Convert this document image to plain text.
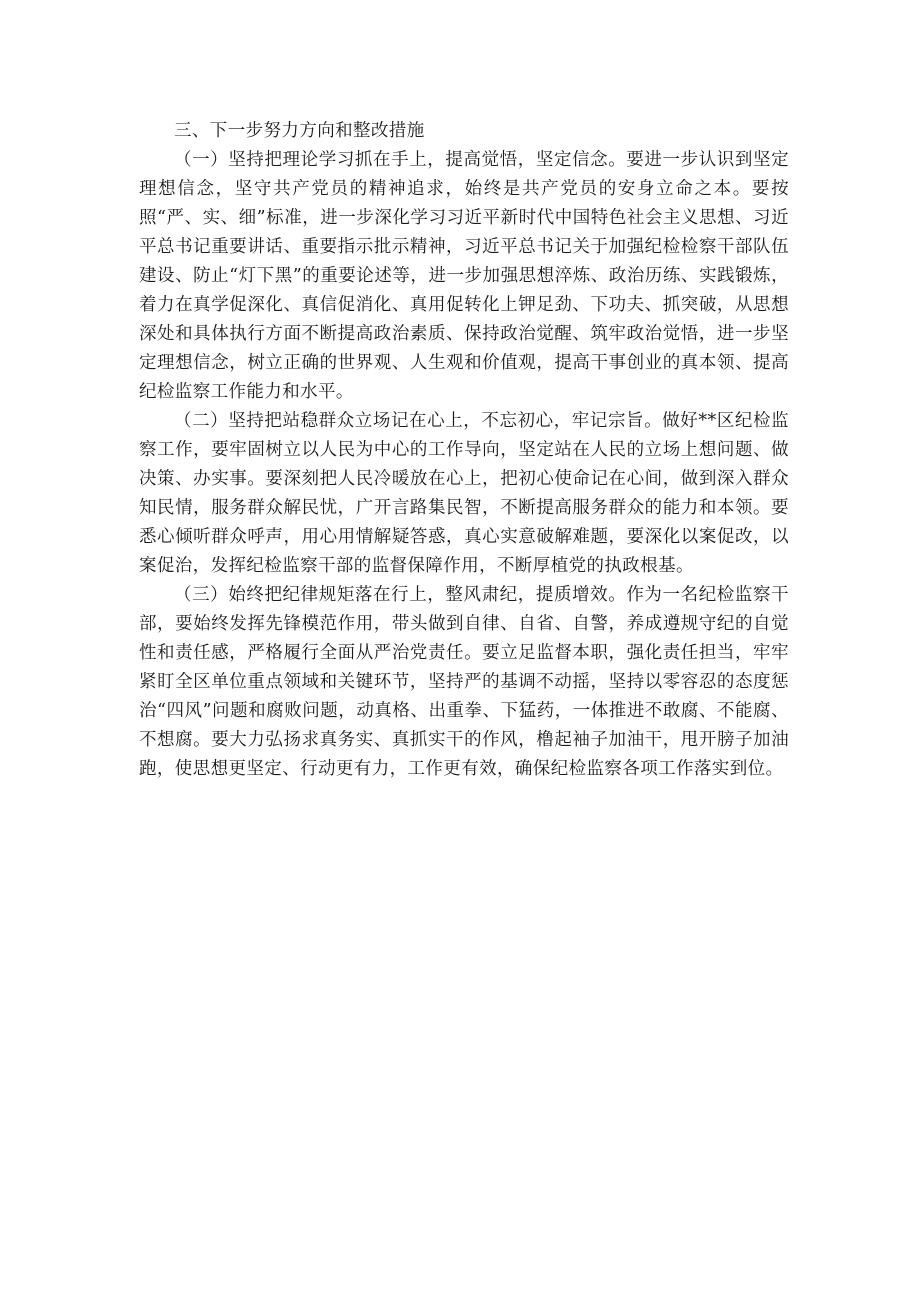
三、下一步努力方向和整改措施

（一）坚持把理论学习抓在手上，提高觉悟，坚定信念。要进一步认识到坚定理想信念，坚守共产党员的精神追求，始终是共产党员的安身立命之本。要按照“严、实、细”标准，进一步深化学习习近平新时代中国特色社会主义思想、习近平总书记重要讲话、重要指示批示精神，习近平总书记关于加强纪检检察干部队伍建设、防止“灯下黑”的重要论述等，进一步加强思想淬炼、政治历练、实践锻炼，着力在真学促深化、真信促消化、真用促转化上钾足劲、下功夫、抓突破，从思想深处和具体执行方面不断提高政治素质、保持政治觉醒、筑牢政治觉悟，进一步坚定理想信念，树立正确的世界观、人生观和价值观，提高干事创业的真本领、提高纪检监察工作能力和水平。

（二）坚持把站稳群众立场记在心上，不忘初心，牢记宗旨。做好**区纪检监察工作，要牢固树立以人民为中心的工作导向，坚定站在人民的立场上想问题、做决策、办实事。要深刻把人民冷暖放在心上，把初心使命记在心间，做到深入群众知民情，服务群众解民忧，广开言路集民智，不断提高服务群众的能力和本领。要悉心倾听群众呼声，用心用情解疑答惑，真心实意破解难题，要深化以案促改，以案促治，发挥纪检监察干部的监督保障作用，不断厚植党的执政根基。

（三）始终把纪律规矩落在行上，整风肃纪，提质增效。作为一名纪检监察干部，要始终发挥先锋模范作用，带头做到自律、自省、自警，养成遵规守纪的自觉性和责任感，严格履行全面从严治党责任。要立足监督本职，强化责任担当，牢牢紧盯全区单位重点领域和关键环节，坚持严的基调不动摇，坚持以零容忍的态度惩治“四风”问题和腐败问题，动真格、出重拳、下猛药，一体推进不敢腐、不能腐、不想腐。要大力弘扬求真务实、真抓实干的作风，橹起袖子加油干，甩开膀子加油跑，使思想更坚定、行动更有力，工作更有效，确保纪检监察各项工作落实到位。
